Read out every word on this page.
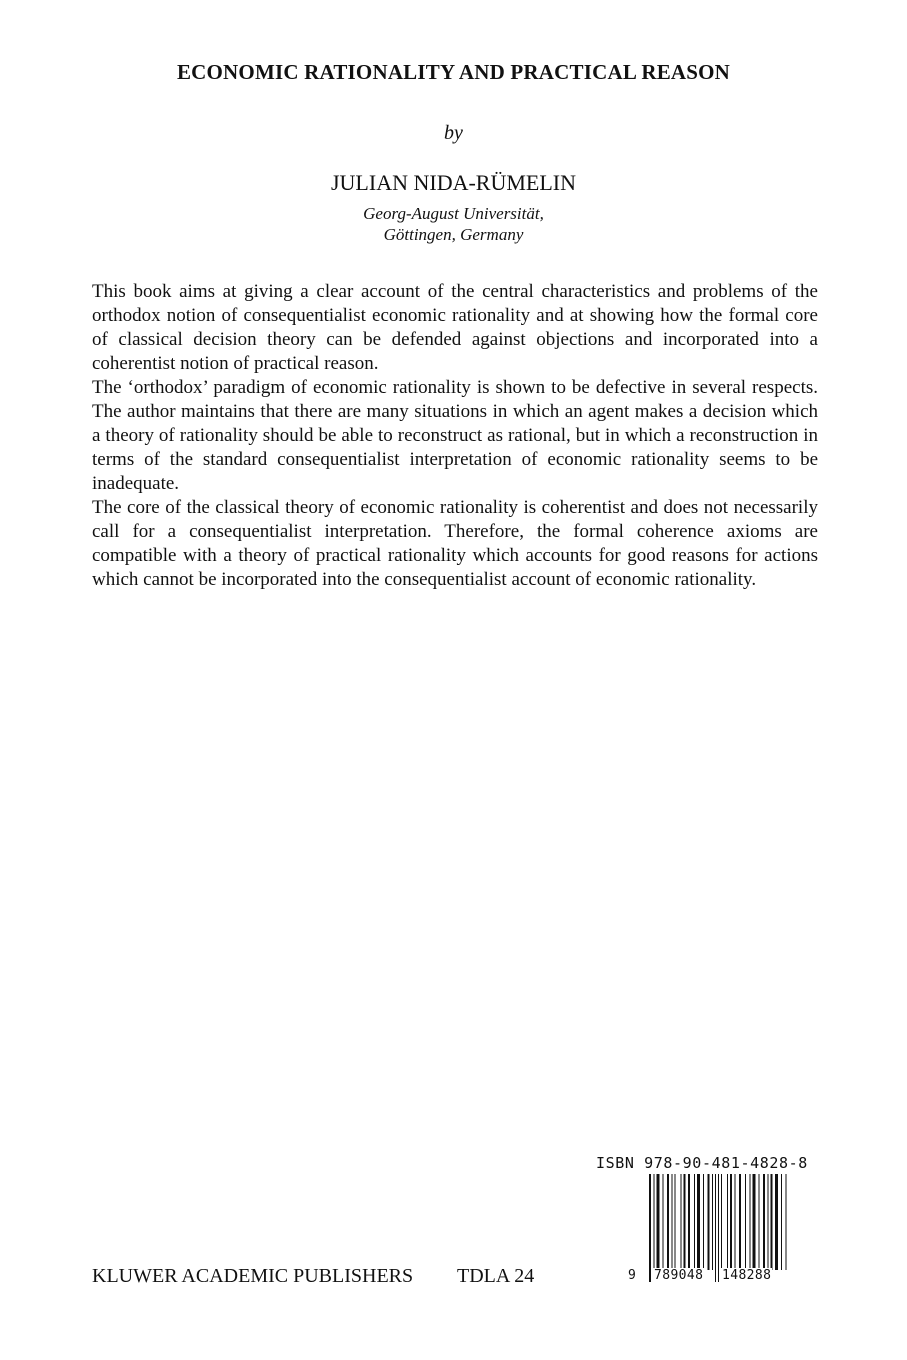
ECONOMIC RATIONALITY AND PRACTICAL REASON
by
JULIAN NIDA-RÜMELIN
Georg-August Universität,
Göttingen, Germany

This book aims at giving a clear account of the central characteristics and problems of the orthodox notion of consequentialist economic rationality and at showing how the formal core of classical decision theory can be defended against objections and incorporated into a coherentist notion of practical reason.

The ‘orthodox’ paradigm of economic rationality is shown to be defective in several respects. The author maintains that there are many situations in which an agent makes a decision which a theory of rationality should be able to reconstruct as rational, but in which a reconstruction in terms of the standard consequentialist interpretation of economic rationality seems to be inadequate.

The core of the classical theory of economic rationality is coherentist and does not necessarily call for a consequentialist interpretation. Therefore, the formal coherence axioms are compatible with a theory of practical rationality which accounts for good reasons for actions which cannot be incorporated into the consequentialist account of economic rationality.

ISBN 978-90-481-4828-8
9 789048 148288
KLUWER ACADEMIC PUBLISHERS TDLA 24
